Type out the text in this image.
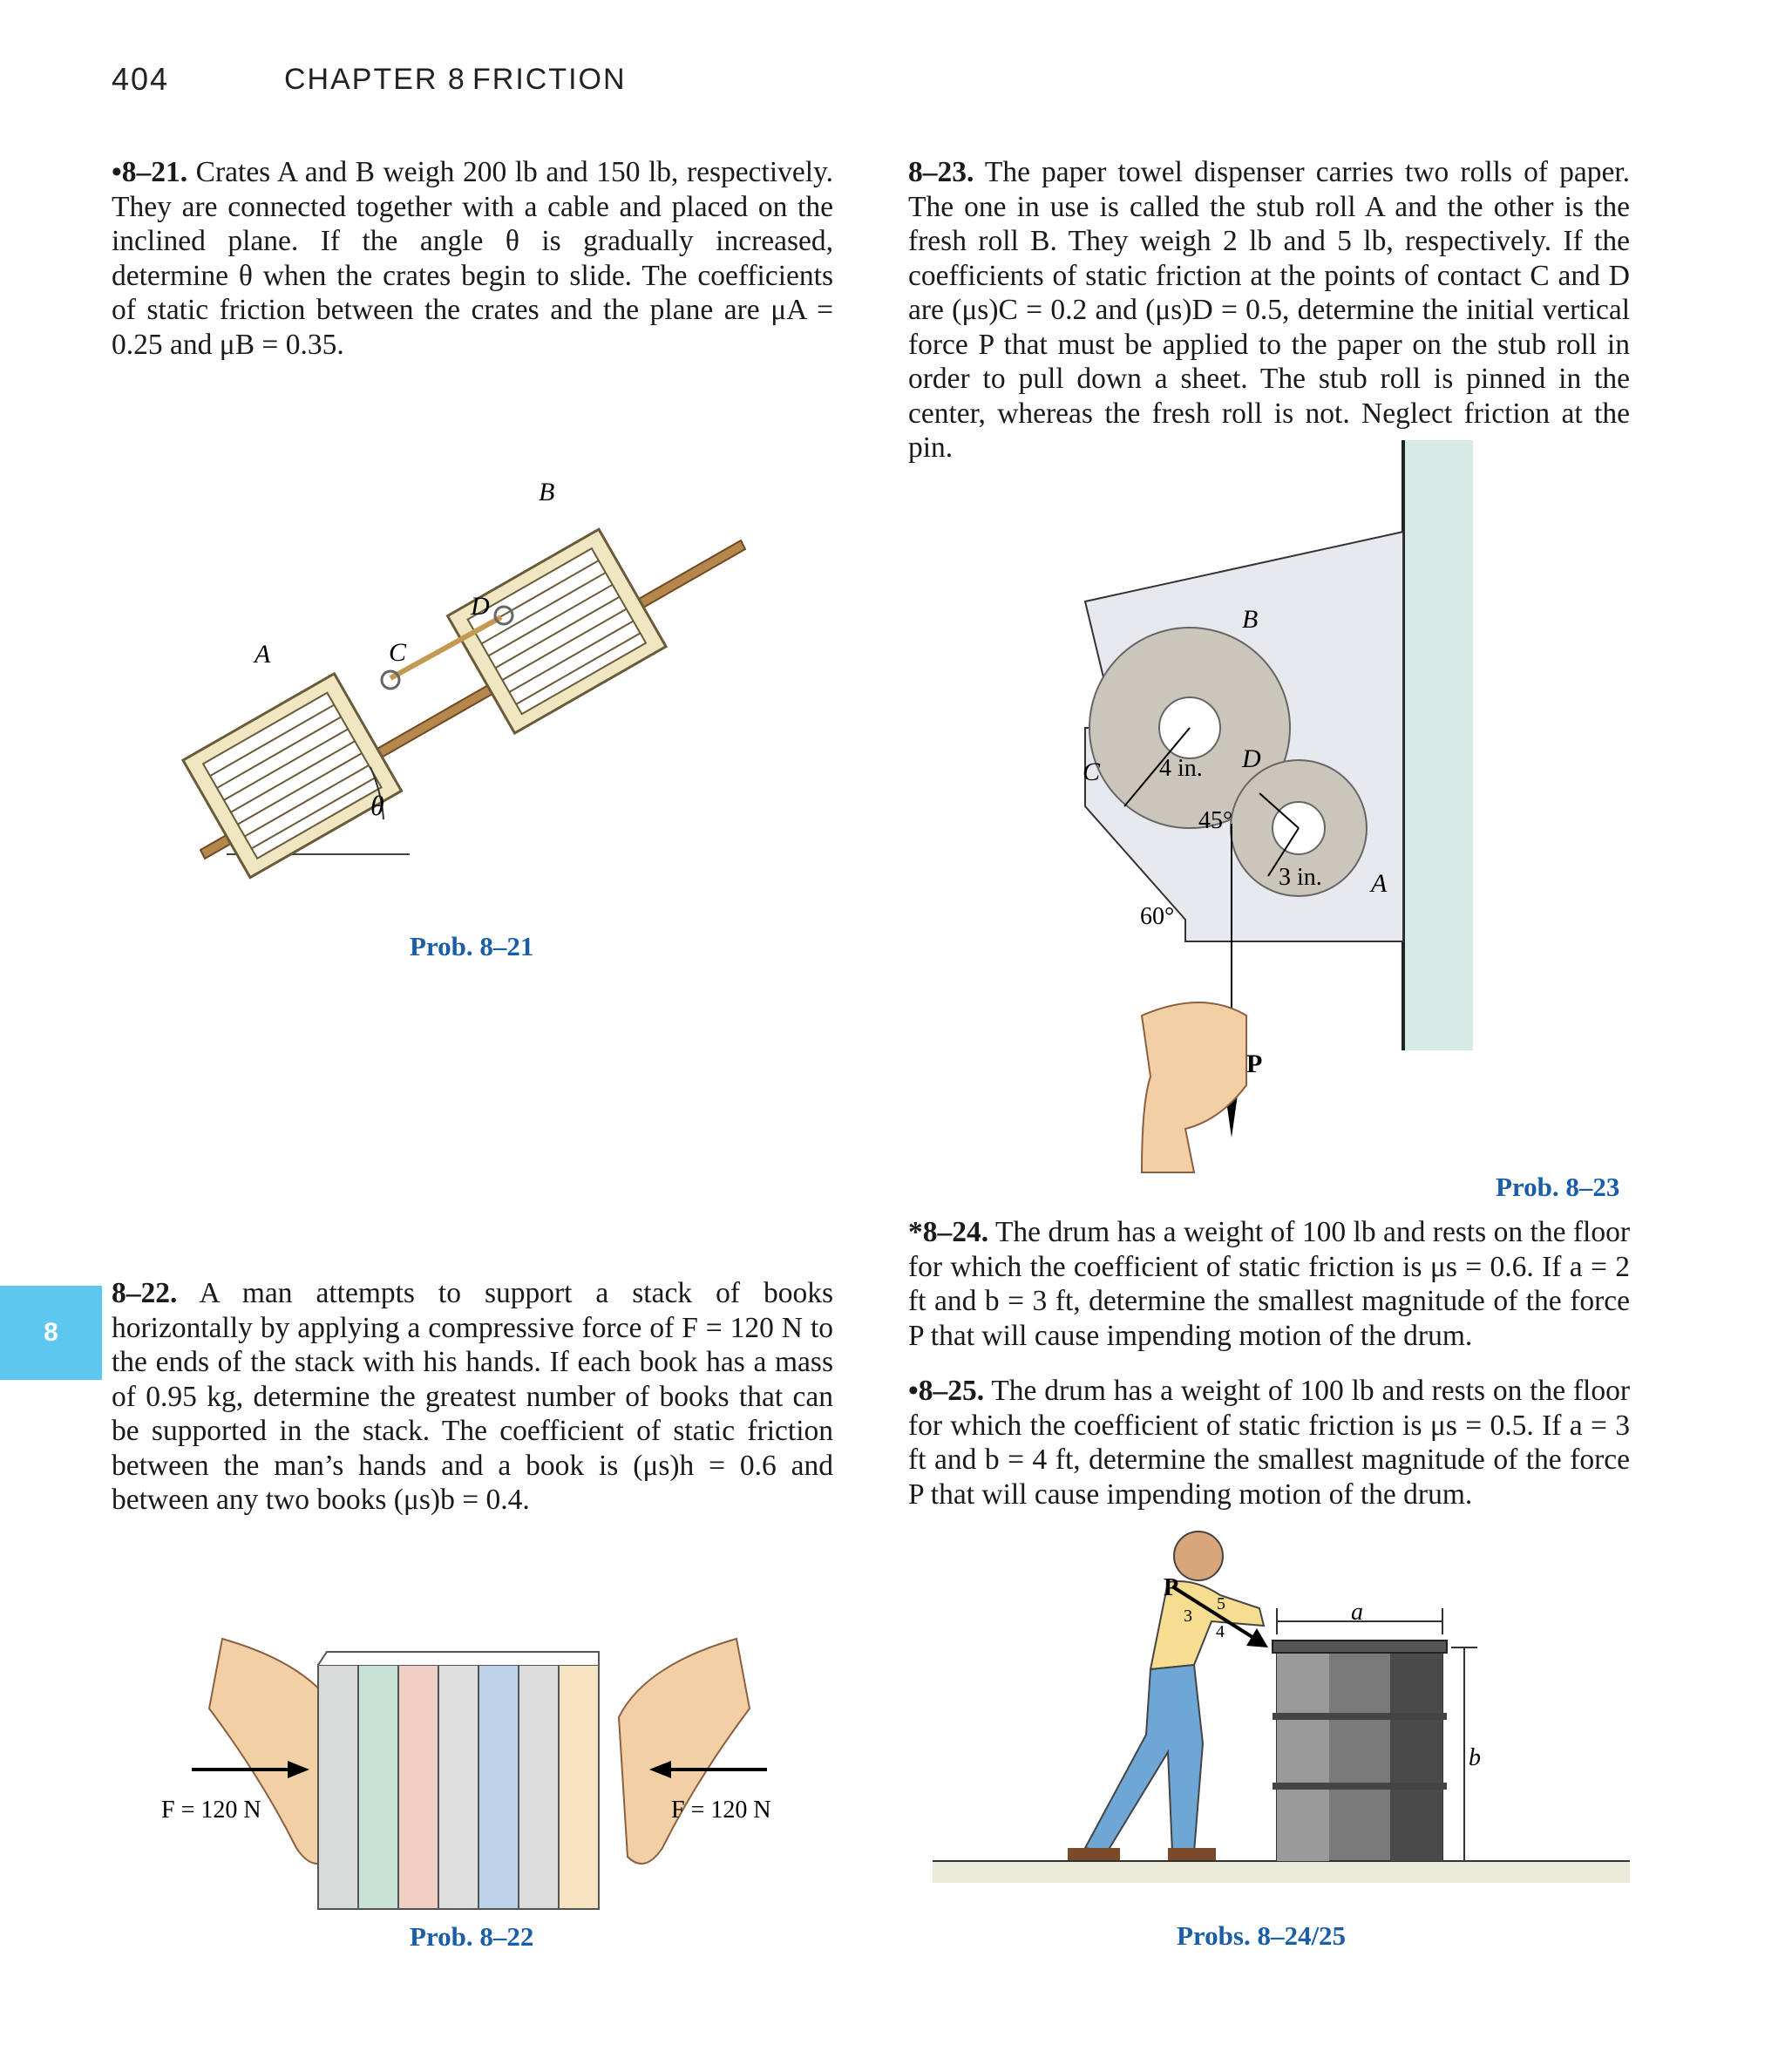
404	CHAPTER 8 FRICTION
8
•8–21. Crates A and B weigh 200 lb and 150 lb, respectively. They are connected together with a cable and placed on the inclined plane. If the angle θ is gradually increased, determine θ when the crates begin to slide. The coefficients of static friction between the crates and the plane are μA = 0.25 and μB = 0.35.
θ
A
B
C
D
Prob. 8–21
8–22. A man attempts to support a stack of books horizontally by applying a compressive force of F = 120 N to the ends of the stack with his hands. If each book has a mass of 0.95 kg, determine the greatest number of books that can be supported in the stack. The coefficient of static friction between the man’s hands and a book is (μs)h = 0.6 and between any two books (μs)b = 0.4.
F = 120 N	F = 120 N
Prob. 8–22
8–23. The paper towel dispenser carries two rolls of paper. The one in use is called the stub roll A and the other is the fresh roll B. They weigh 2 lb and 5 lb, respectively. If the coefficients of static friction at the points of contact C and D are (μs)C = 0.2 and (μs)D = 0.5, determine the initial vertical force P that must be applied to the paper on the stub roll in order to pull down a sheet. The stub roll is pinned in the center, whereas the fresh roll is not. Neglect friction at the pin.
B
C	D
A
4 in.
3 in.
45°
60°
P
Prob. 8–23
*8–24. The drum has a weight of 100 lb and rests on the floor for which the coefficient of static friction is μs = 0.6. If a = 2 ft and b = 3 ft, determine the smallest magnitude of the force P that will cause impending motion of the drum.
•8–25. The drum has a weight of 100 lb and rests on the floor for which the coefficient of static friction is μs = 0.5. If a = 3 ft and b = 4 ft, determine the smallest magnitude of the force P that will cause impending motion of the drum.
P
3
4
5	a
b
Probs. 8–24/25
